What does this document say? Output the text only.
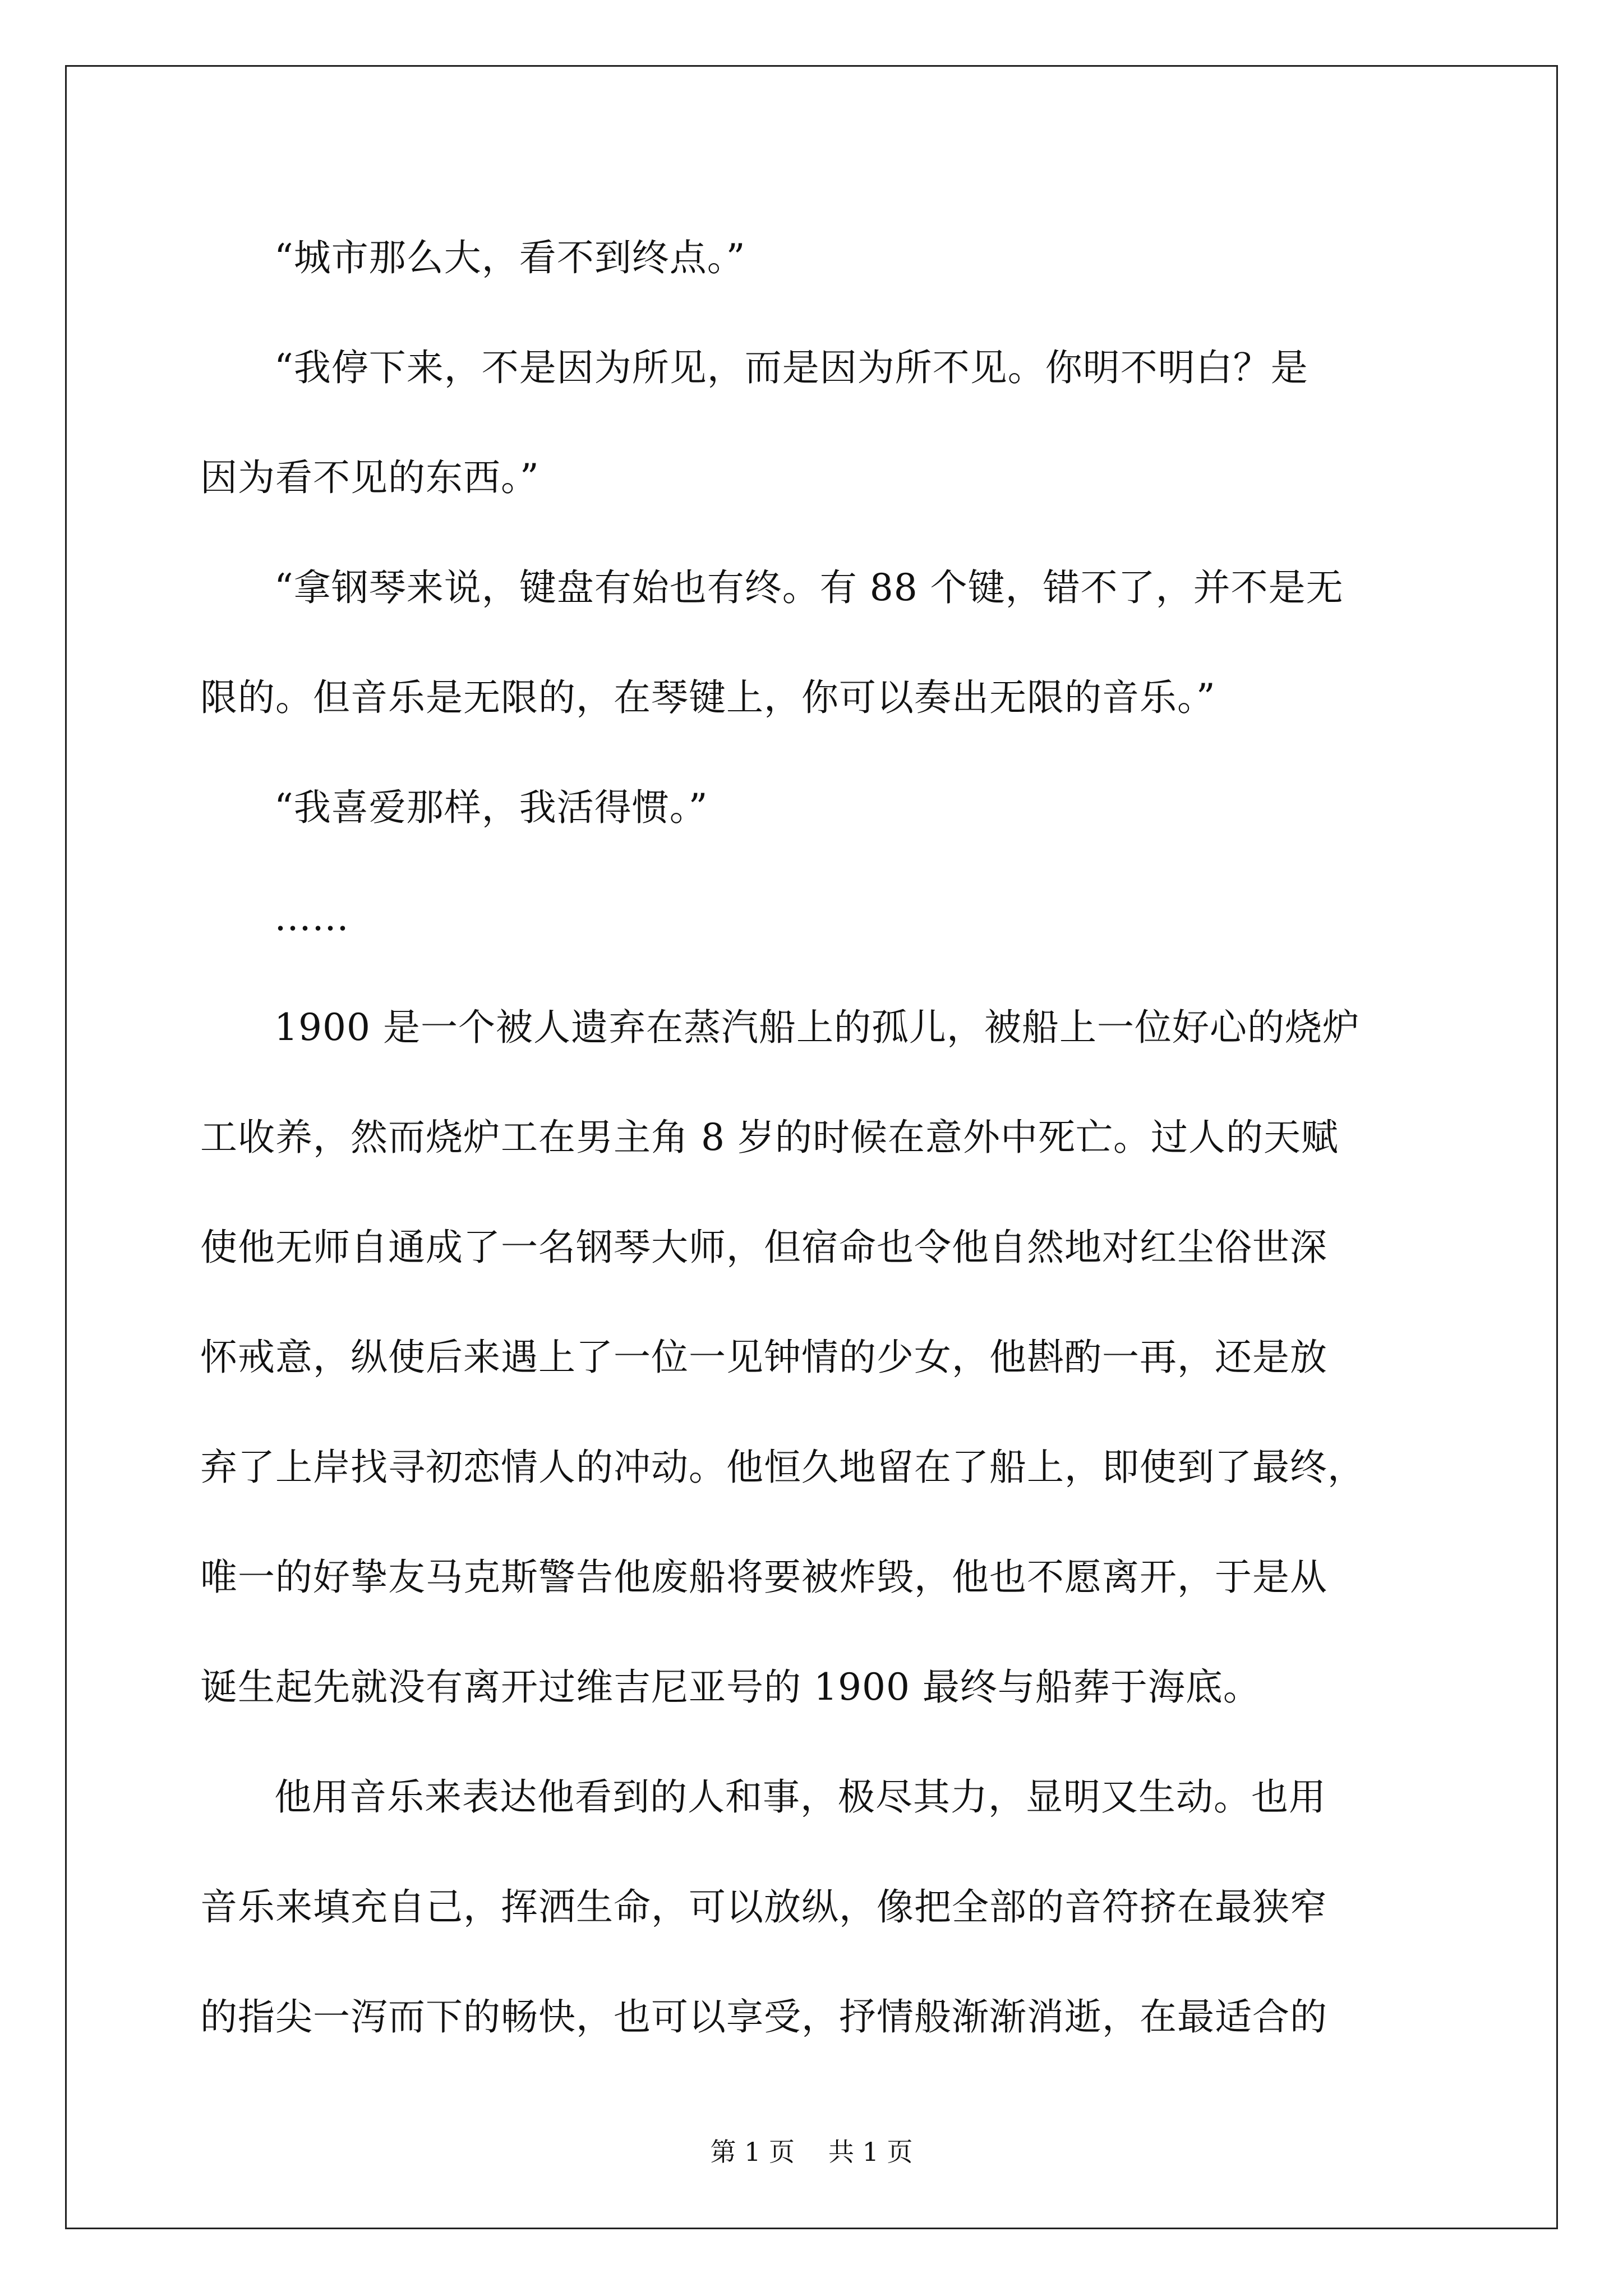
“城市那么大，看不到终点。”

“我停下来，不是因为所见，而是因为所不见。你明不明白？是
因为看不见的东西。”

“拿钢琴来说，键盘有始也有终。有 88 个键，错不了，并不是无
限的。但音乐是无限的，在琴键上，你可以奏出无限的音乐。”

“我喜爱那样，我活得惯。”

……

1900 是一个被人遗弃在蒸汽船上的孤儿，被船上一位好心的烧炉
工收养，然而烧炉工在男主角 8 岁的时候在意外中死亡。过人的天赋
使他无师自通成了一名钢琴大师，但宿命也令他自然地对红尘俗世深
怀戒意，纵使后来遇上了一位一见钟情的少女，他斟酌一再，还是放
弃了上岸找寻初恋情人的冲动。他恒久地留在了船上，即使到了最终，
唯一的好挚友马克斯警告他废船将要被炸毁，他也不愿离开，于是从
诞生起先就没有离开过维吉尼亚号的 1900 最终与船葬于海底。

他用音乐来表达他看到的人和事，极尽其力，显明又生动。也用
音乐来填充自己，挥洒生命，可以放纵，像把全部的音符挤在最狭窄
的指尖一泻而下的畅快，也可以享受，抒情般渐渐消逝，在最适合的

第 1 页 共 1 页
